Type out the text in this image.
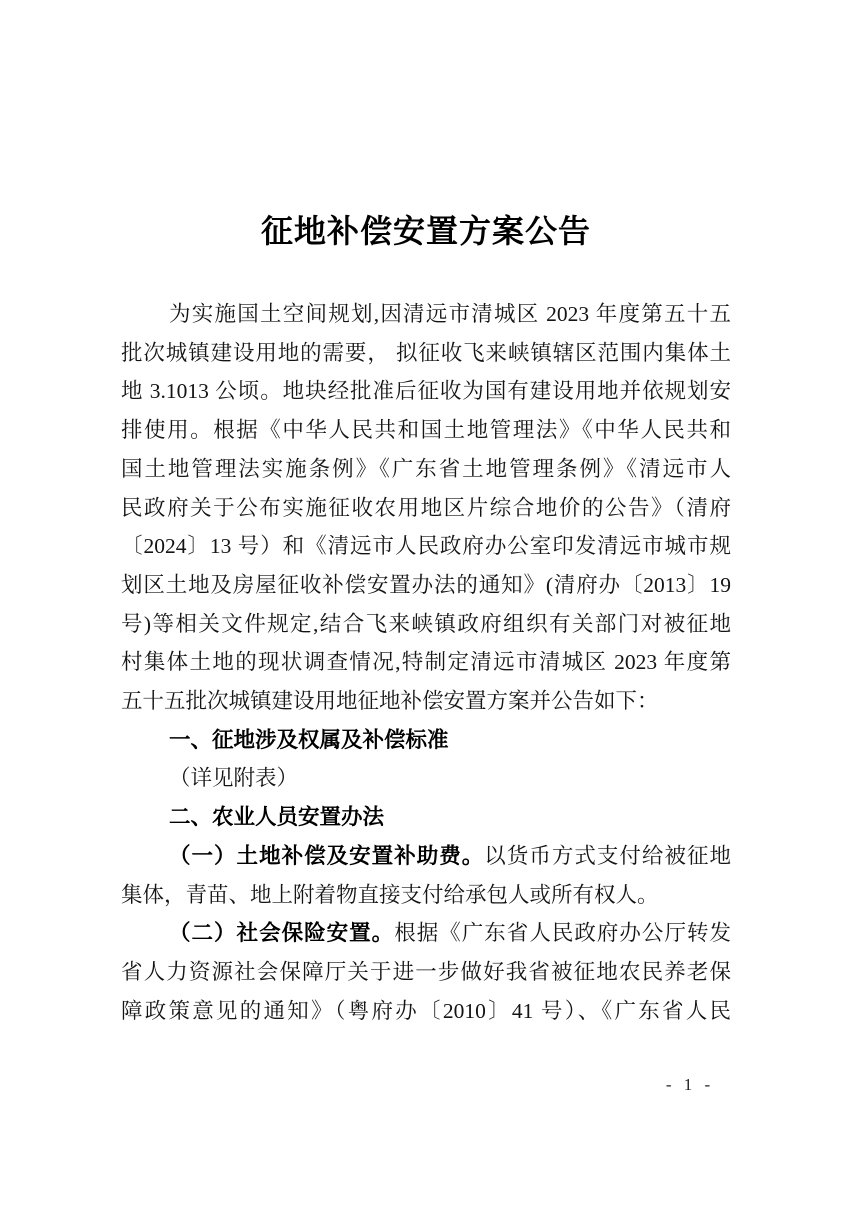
征地补偿安置方案公告
为实施国土空间规划,因清远市清城区 2023 年度第五十五
批次城镇建设用地的需要， 拟征收飞来峡镇辖区范围内集体土
地 3.1013 公顷。地块经批准后征收为国有建设用地并依规划安
排使用。根据《中华人民共和国土地管理法》《中华人民共和
国土地管理法实施条例》《广东省土地管理条例》《清远市人
民政府关于公布实施征收农用地区片综合地价的公告》（清府
〔2024〕13 号）和《清远市人民政府办公室印发清远市城市规
划区土地及房屋征收补偿安置办法的通知》(清府办〔2013〕19
号)等相关文件规定,结合飞来峡镇政府组织有关部门对被征地
村集体土地的现状调查情况,特制定清远市清城区 2023 年度第
五十五批次城镇建设用地征地补偿安置方案并公告如下：
一、征地涉及权属及补偿标准
（详见附表）
二、农业人员安置办法
（一）土地补偿及安置补助费。以货币方式支付给被征地
集体，青苗、地上附着物直接支付给承包人或所有权人。
（二）社会保险安置。根据《广东省人民政府办公厅转发
省人力资源社会保障厅关于进一步做好我省被征地农民养老保
障政策意见的通知》（粤府办〔2010〕41 号）、《广东省人民
- 1 -
